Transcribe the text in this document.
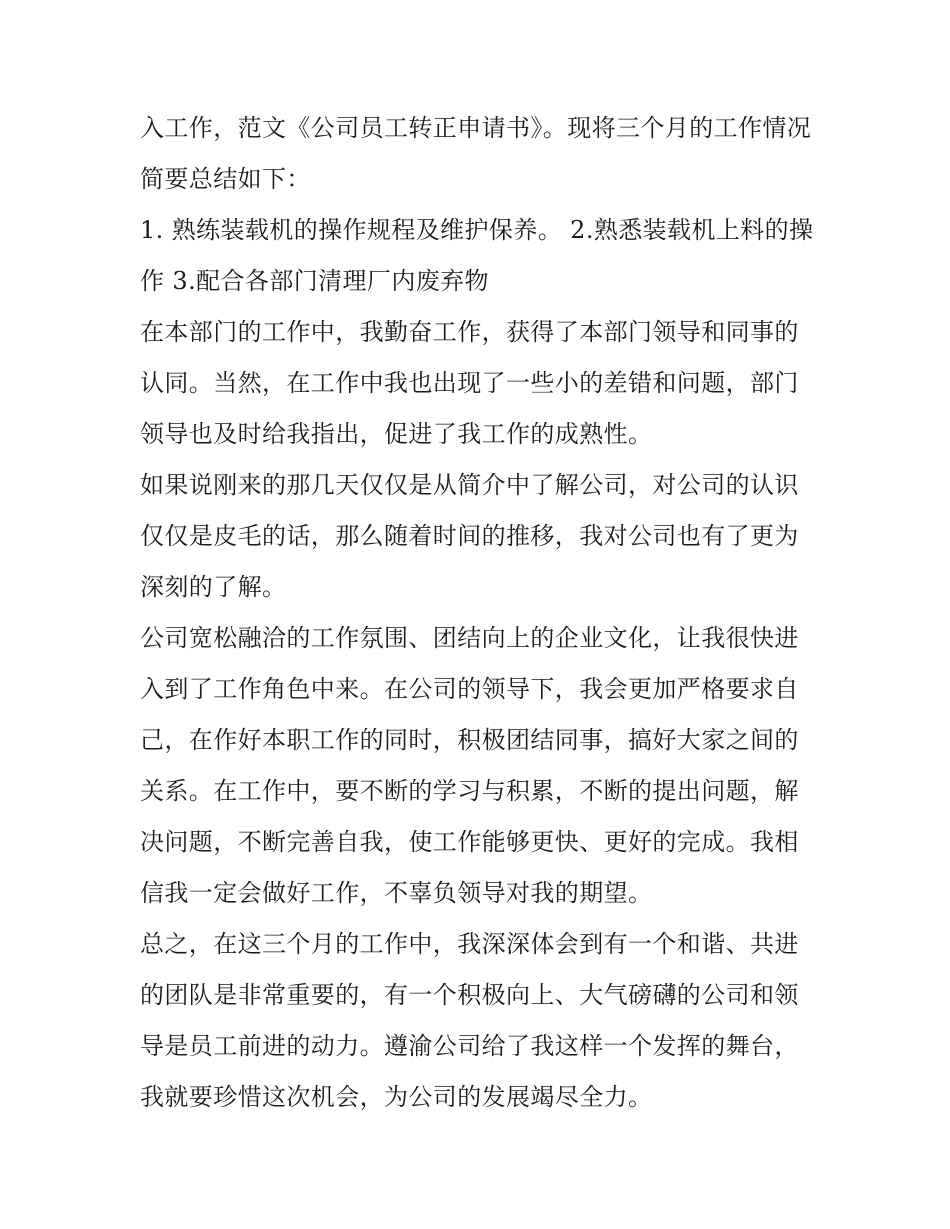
入工作，范文《公司员工转正申请书》。现将三个月的工作情况简要总结如下：

1. 熟练装载机的操作规程及维护保养。 2.熟悉装载机上料的操作 3.配合各部门清理厂内废弃物

在本部门的工作中，我勤奋工作，获得了本部门领导和同事的认同。当然，在工作中我也出现了一些小的差错和问题，部门领导也及时给我指出，促进了我工作的成熟性。

如果说刚来的那几天仅仅是从简介中了解公司，对公司的认识仅仅是皮毛的话，那么随着时间的推移，我对公司也有了更为深刻的了解。

公司宽松融洽的工作氛围、团结向上的企业文化，让我很快进入到了工作角色中来。在公司的领导下，我会更加严格要求自己，在作好本职工作的同时，积极团结同事，搞好大家之间的关系。在工作中，要不断的学习与积累，不断的提出问题，解决问题，不断完善自我，使工作能够更快、更好的完成。我相信我一定会做好工作，不辜负领导对我的期望。

总之，在这三个月的工作中，我深深体会到有一个和谐、共进的团队是非常重要的，有一个积极向上、大气磅礴的公司和领导是员工前进的动力。遵渝公司给了我这样一个发挥的舞台，我就要珍惜这次机会，为公司的发展竭尽全力。
